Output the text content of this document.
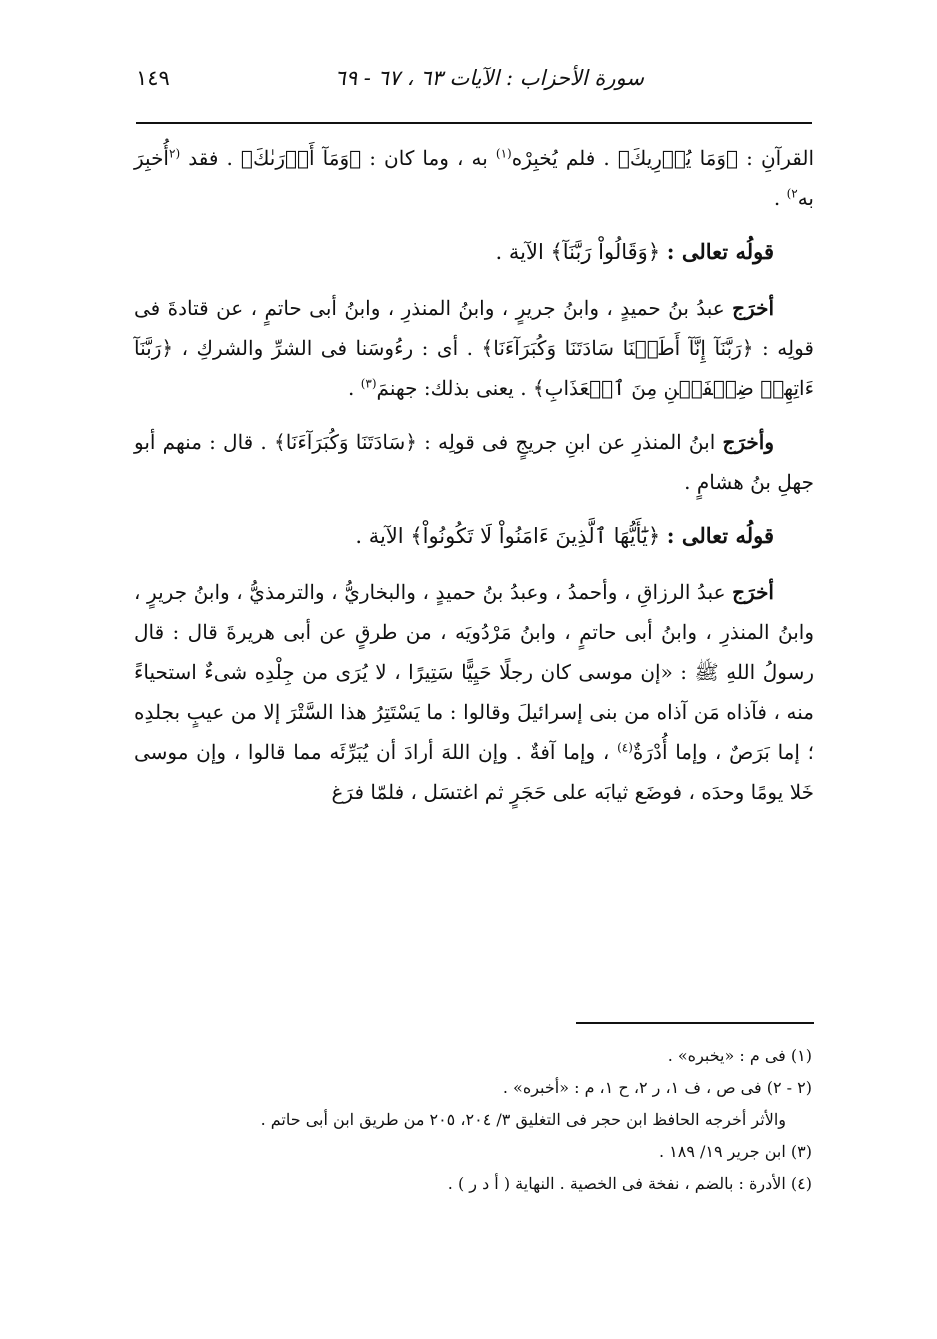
سورة الأحزاب : الآيات ٦٣ ، ٦٧ - ٦٩
١٤٩

القرآنِ : ﴿وَمَا يُدۡرِيكَ﴾ . فلم يُخبِرْه$^{(١)}$ به ، وما كان : ﴿وَمَآ أَدۡرَىٰكَ﴾ . فقد $^{(٢}$أُخبِرَ به$^{٢)}$ .

قولُه تعالى : ﴿وَقَالُواْ رَبَّنَآ﴾ الآية .

أخرَج عبدُ بنُ حميدٍ ، وابنُ جريرٍ ، وابنُ المنذرِ ، وابنُ أبى حاتمٍ ، عن قتادةَ فى قولِه : ﴿رَبَّنَآ إِنَّآ أَطَعۡنَا سَادَتَنَا وَكُبَرَآءَنَا﴾ . أى : رءُوسَنا فى الشرِّ والشركِ ، ﴿رَبَّنَآ ءَاتِهِمۡ ضِعۡفَيۡنِ مِنَ ٱلۡعَذَابِ﴾ . يعنى بذلك: جهنمَ$^{(٣)}$ .

وأخرَج ابنُ المنذرِ عن ابنِ جريجٍ فى قولِه : ﴿سَادَتَنَا وَكُبَرَآءَنَا﴾ . قال : منهم أبو جهلِ بنُ هشامٍ .

قولُه تعالى : ﴿يَٰٓأَيُّهَا ٱلَّذِينَ ءَامَنُواْ لَا تَكُونُواْ﴾ الآية .

أخرَج عبدُ الرزاقِ ، وأحمدُ ، وعبدُ بنُ حميدٍ ، والبخاريُّ ، والترمذيُّ ، وابنُ جريرٍ ، وابنُ المنذرِ ، وابنُ أبى حاتمٍ ، وابنُ مَرْدُويَه ، من طرقٍ عن أبى هريرةَ قال : قال رسولُ اللهِ ﷺ : «إن موسى كان رجلًا حَيِيًّا سَتِيرًا ، لا يُرَى من جِلْدِه شىءٌ استحياءً منه ، فآذاه مَن آذاه من بنى إسرائيلَ وقالوا : ما يَسْتَتِرُ هذا السَّتْرَ إلا من عيبٍ بجلدِه ؛ إما بَرَصٌ ، وإما أُدْرَةٌ$^{(٤)}$ ، وإما آفةٌ . وإن اللهَ أرادَ أن يُبَرِّئَه مما قالوا ، وإن موسى خَلا يومًا وحدَه ، فوضَع ثيابَه على حَجَرٍ ثم اغتسَل ، فلمّا فرَغ

(١) فى م : «يخبره» .
(٢ - ٢) فى ص ، ف ١، ر ٢، ح ١، م : «أخبره» .
والأثر أخرجه الحافظ ابن حجر فى التغليق ٣/ ٢٠٤، ٢٠٥ من طريق ابن أبى حاتم .
(٣) ابن جرير ١٩/ ١٨٩ .
(٤) الأدرة : بالضم ، نفخة فى الخصية . النهاية ( أ د ر ) .
